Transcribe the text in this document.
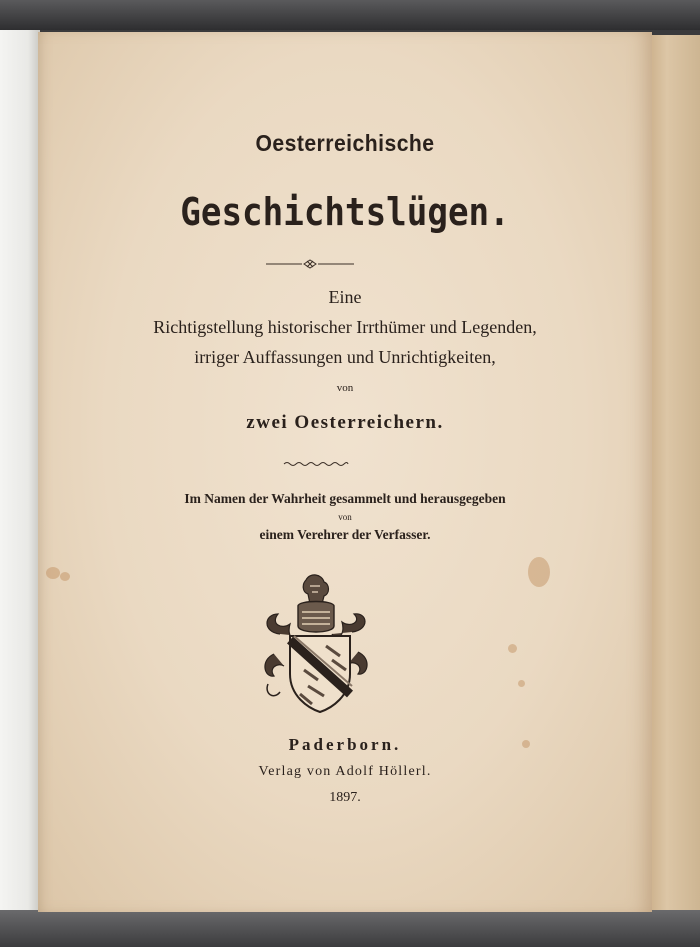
Oesterreichische
Geschichtslügen.
Eine
Richtigstellung historischer Irrthümer und Legenden,
irriger Auffassungen und Unrichtigkeiten,
von
zwei Oesterreichern.
Im Namen der Wahrheit gesammelt und herausgegeben
von
einem Verehrer der Verfasser.
Paderborn.
Verlag von Adolf Höllerl.
1897.
